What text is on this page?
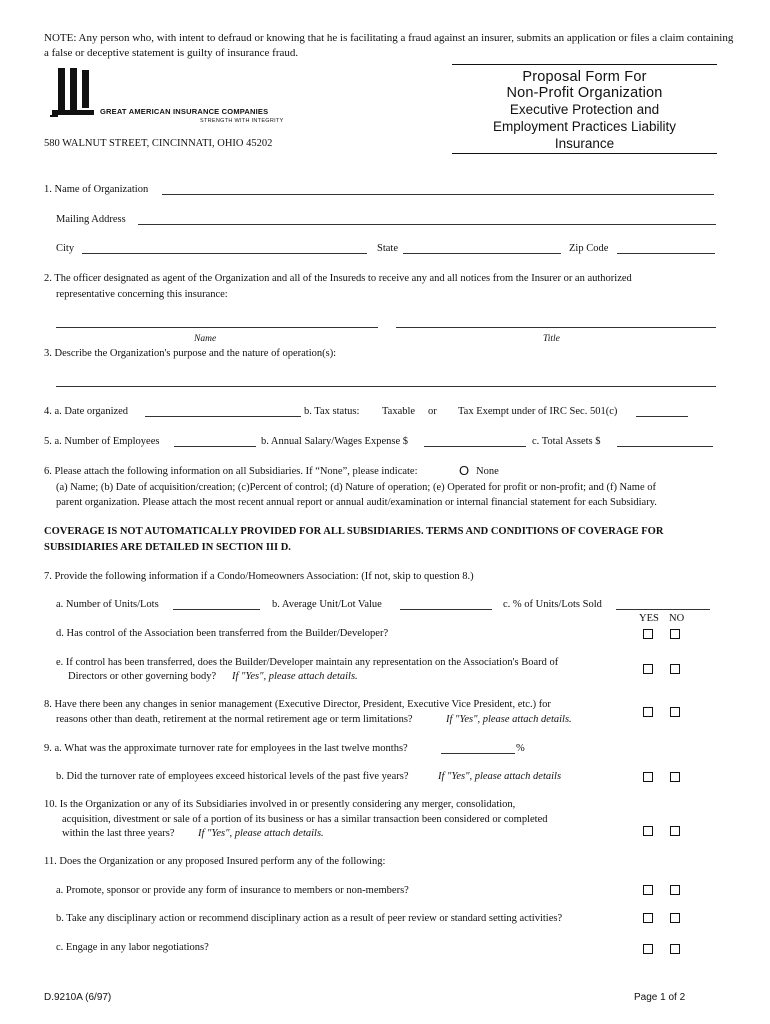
NOTE: Any person who, with intent to defraud or knowing that he is facilitating a fraud against an insurer, submits an application or files a claim containing a false or deceptive statement is guilty of insurance fraud.
GREAT AMERICAN INSURANCE COMPANIES
STRENGTH WITH INTEGRITY
580 WALNUT STREET, CINCINNATI, OHIO 45202
Proposal Form For
Non-Profit Organization
Executive Protection and
Employment Practices Liability
Insurance
1. Name of Organization
Mailing Address
City	State	Zip Code
2. The officer designated as agent of the Organization and all of the Insureds to receive any and all notices from the Insurer or an authorized
representative concerning this insurance:
Name	Title
3. Describe the Organization's purpose and the nature of operation(s):
4. a. Date organized	b. Tax status: Taxable or Tax Exempt under of IRC Sec. 501(c)
5. a. Number of Employees	b. Annual Salary/Wages Expense $	c. Total Assets $
6. Please attach the following information on all Subsidiaries. If “None”, please indicate:	O None
(a) Name; (b) Date of acquisition/creation; (c)Percent of control; (d) Nature of operation; (e) Operated for profit or non-profit; and (f) Name of
parent organization. Please attach the most recent annual report or annual audit/examination or internal financial statement for each Subsidiary.
COVERAGE IS NOT AUTOMATICALLY PROVIDED FOR ALL SUBSIDIARIES. TERMS AND CONDITIONS OF COVERAGE FOR
SUBSIDIARIES ARE DETAILED IN SECTION III D.
7. Provide the following information if a Condo/Homeowners Association: (If not, skip to question 8.)
a. Number of Units/Lots	b. Average Unit/Lot Value	c. % of Units/Lots Sold
YES NO
d. Has control of the Association been transferred from the Builder/Developer?
e. If control has been transferred, does the Builder/Developer maintain any representation on the Association's Board of
Directors or other governing body? If "Yes", please attach details.
8. Have there been any changes in senior management (Executive Director, President, Executive Vice President, etc.) for
reasons other than death, retirement at the normal retirement age or term limitations?	If "Yes", please attach details.
9. a. What was the approximate turnover rate for employees in the last twelve months?	%
b. Did the turnover rate of employees exceed historical levels of the past five years?	If "Yes", please attach details
10. Is the Organization or any of its Subsidiaries involved in or presently considering any merger, consolidation,
acquisition, divestment or sale of a portion of its business or has a similar transaction been considered or completed
within the last three years? If "Yes", please attach details.
11. Does the Organization or any proposed Insured perform any of the following:
a. Promote, sponsor or provide any form of insurance to members or non-members?
b. Take any disciplinary action or recommend disciplinary action as a result of peer review or standard setting activities?
c. Engage in any labor negotiations?
D.9210A (6/97)	Page 1 of 2
